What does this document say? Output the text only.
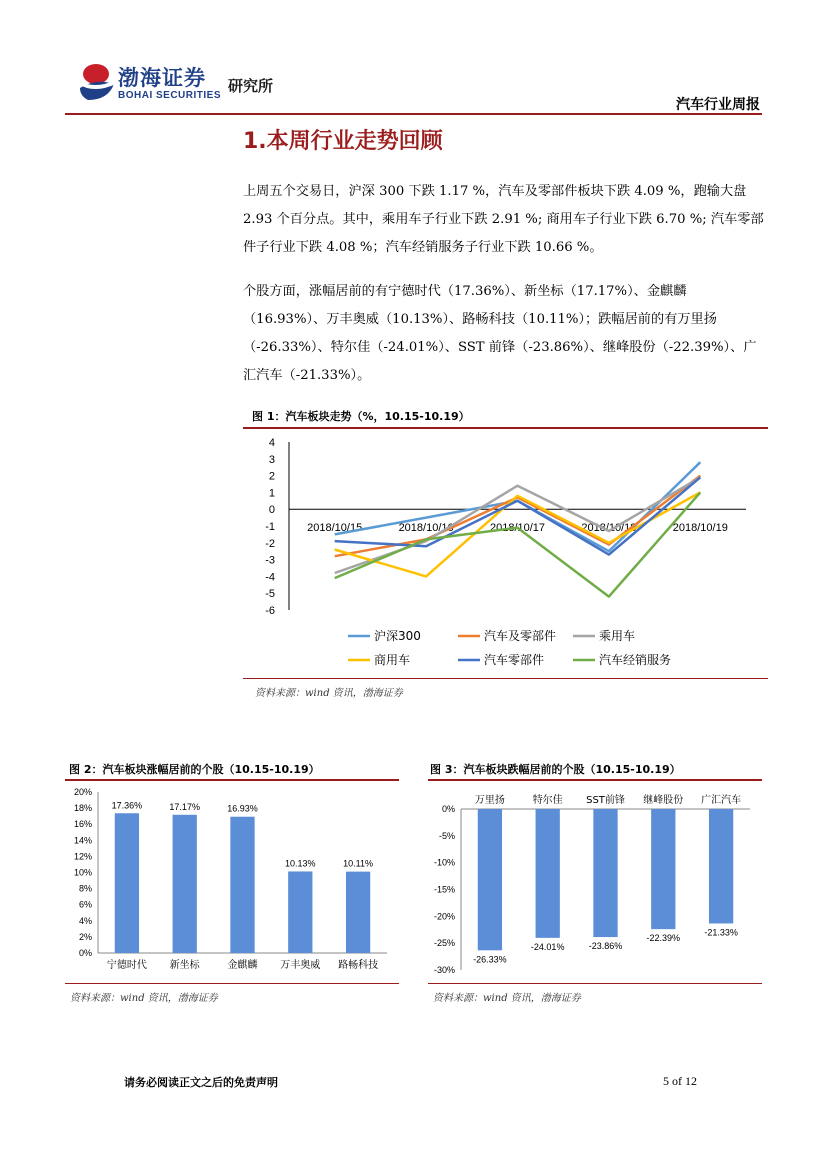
渤海证券
BOHAI SECURITIES
研究所
汽车行业周报
1.本周行业走势回顾

上周五个交易日，沪深 300 下跌 1.17 %，汽车及零部件板块下跌 4.09 %，跑输大盘 2.93 个百分点。其中，乘用车子行业下跌 2.91 %; 商用车子行业下跌 6.70 %; 汽车零部件子行业下跌 4.08 %；汽车经销服务子行业下跌 10.66 %。

个股方面，涨幅居前的有宁德时代（17.36%）、新坐标（17.17%）、金麒麟（16.93%）、万丰奥威（10.13%）、路畅科技（10.11%）；跌幅居前的有万里扬（-26.33%）、特尔佳（-24.01%）、SST 前锋（-23.86%）、继峰股份（-22.39%）、广汇汽车（-21.33%）。

图 1：汽车板块走势（%，10.15-10.19）
-6
-5
-4
-3
-2
-1
0
1
2
3
4
2018/10/15	2018/10/16	2018/10/17	2018/10/18	2018/10/19
沪深300	汽车及零部件	乘用车
商用车	汽车零部件	汽车经销服务
资料来源：wind 资讯，渤海证券
图 2：汽车板块涨幅居前的个股（10.15-10.19）
0%
2%
4%
6%
8%
10%
12%
14%
16%
18%
20%
17.36%
宁德时代
17.17%
新坐标
16.93%
金麒麟
10.13%
万丰奥威
10.11%
路畅科技
资料来源：wind 资讯，渤海证券
图 3：汽车板块跌幅居前的个股（10.15-10.19）
0%
-5%
-10%
-15%
-20%
-25%
-30%
-26.33%
万里扬
-24.01%
特尔佳
-23.86%
SST前锋
-22.39%
继峰股份
-21.33%
广汇汽车
资料来源：wind 资讯，渤海证券
请务必阅读正文之后的免责声明	5 of 12
